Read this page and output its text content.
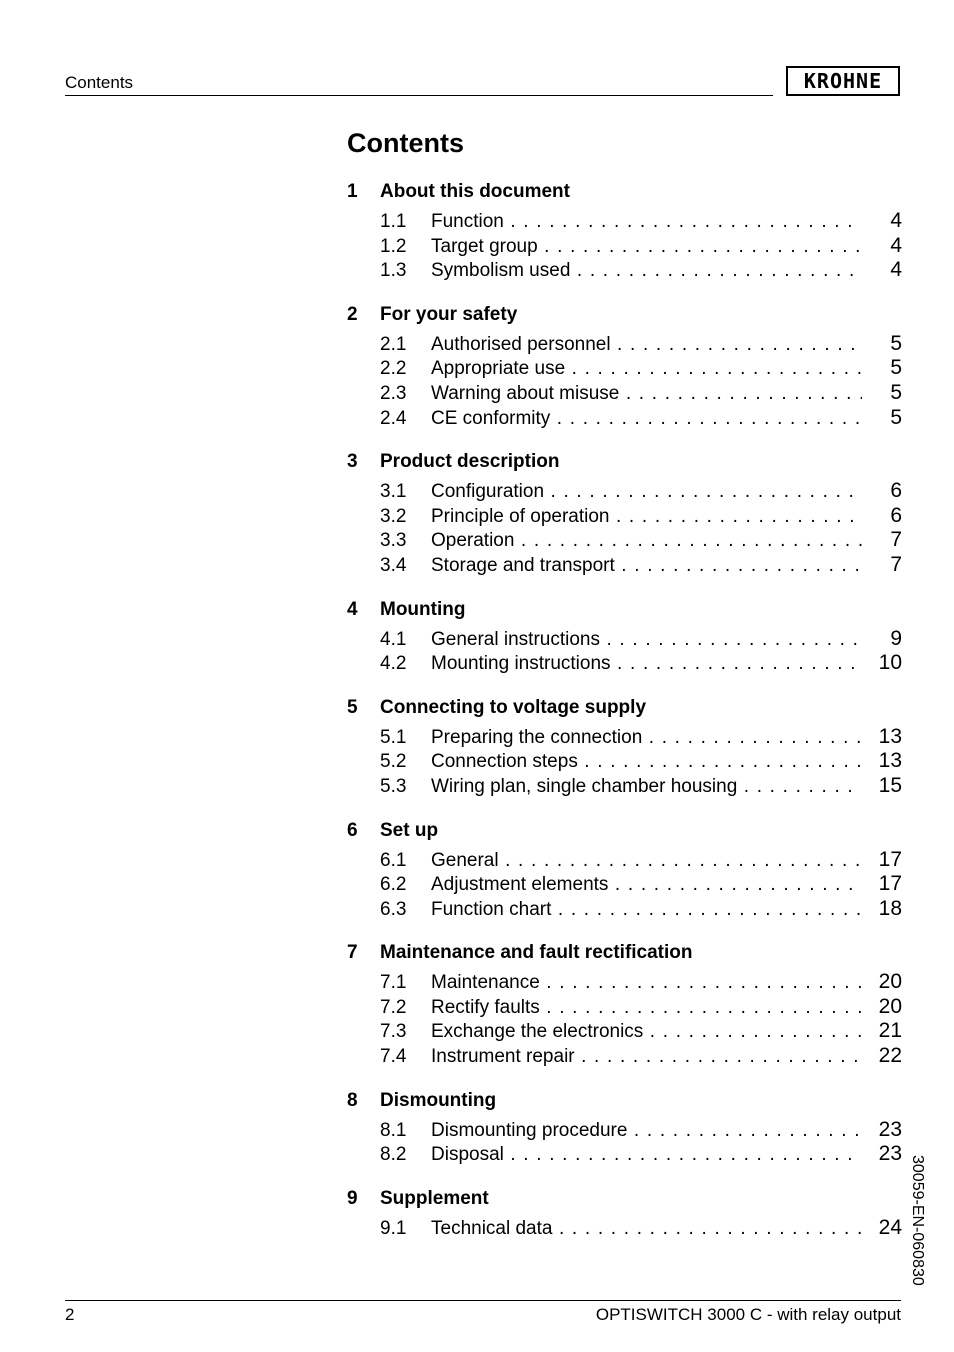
Contents	KROHNE
Contents
1	About this document
1.1	Function . . .	4
1.2	Target group . . .	4
1.3	Symbolism used . . .	4
2	For your safety
2.1	Authorised personnel . . .	5
2.2	Appropriate use . . .	5
2.3	Warning about misuse . . .	5
2.4	CE conformity . . .	5
3	Product description
3.1	Configuration . . .	6
3.2	Principle of operation . . .	6
3.3	Operation . . .	7
3.4	Storage and transport . . .	7
4	Mounting
4.1	General instructions . . .	9
4.2	Mounting instructions . . .	10
5	Connecting to voltage supply
5.1	Preparing the connection . . .	13
5.2	Connection steps . . .	13
5.3	Wiring plan, single chamber housing . . .	15
6	Set up
6.1	General . . .	17
6.2	Adjustment elements . . .	17
6.3	Function chart . . .	18
7	Maintenance and fault rectification
7.1	Maintenance . . .	20
7.2	Rectify faults . . .	20
7.3	Exchange the electronics . . .	21
7.4	Instrument repair . . .	22
8	Dismounting
8.1	Dismounting procedure . . .	23
8.2	Disposal . . .	23
9	Supplement
9.1	Technical data . . .	24 30059-EN-060830
2	OPTISWITCH 3000 C - with relay output
